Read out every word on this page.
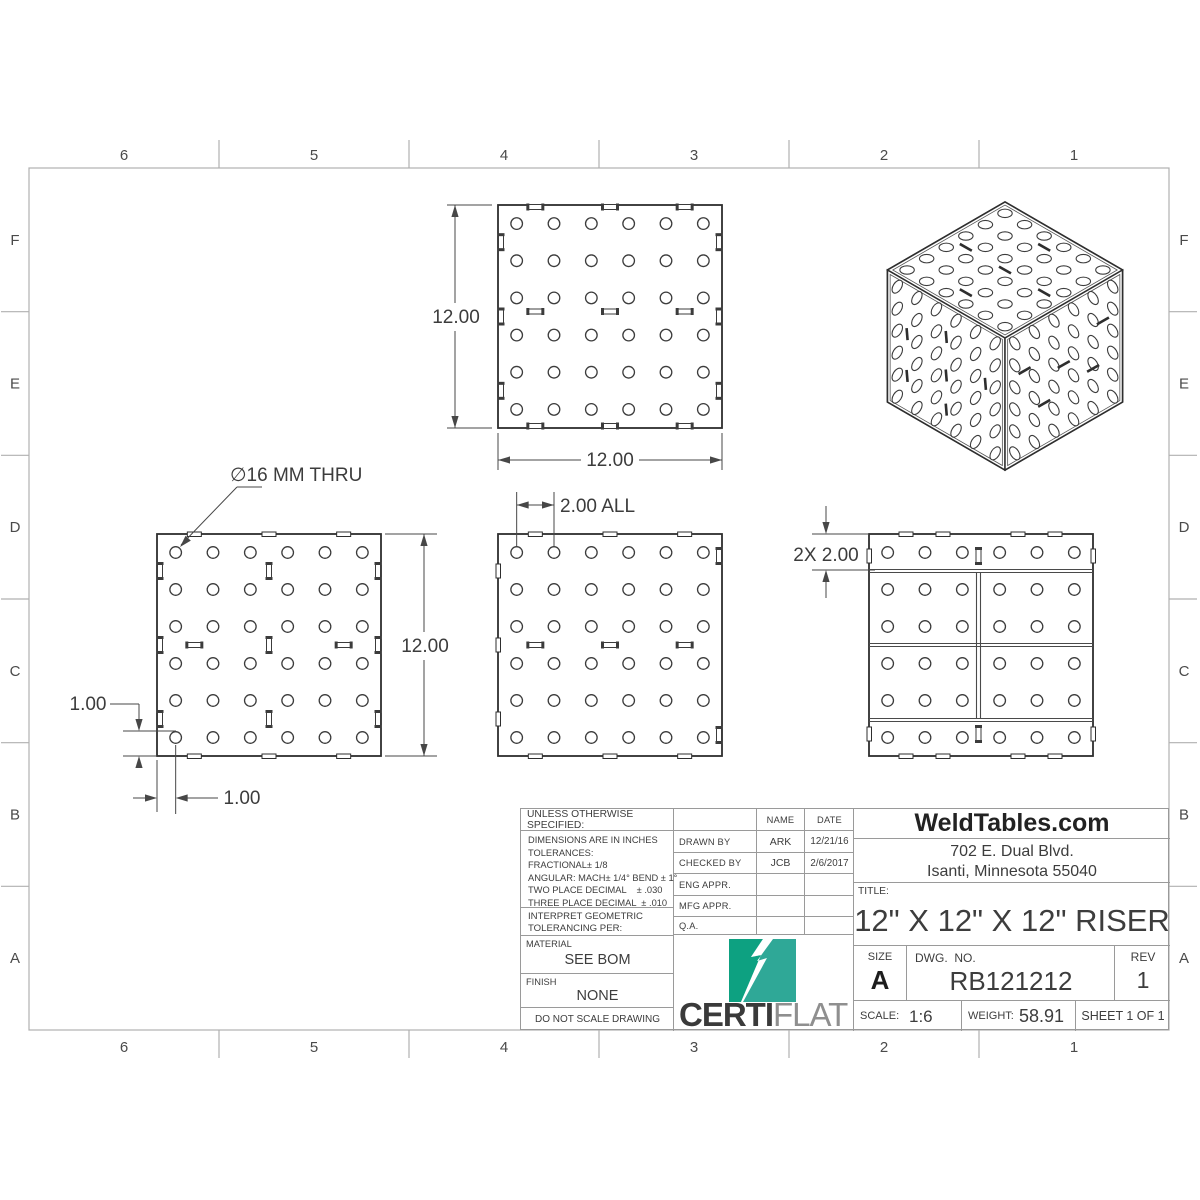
6
6
5
5
4
4
3
3
2
2
1
1
F	F
E	E
D	D
C	C
B	B
A	A
12.00
12.00
12.00
∅16 MM THRU
1.00
1.00
2.00 ALL
2X 2.00
UNLESS OTHERWISE SPECIFIED:
DIMENSIONS ARE IN INCHES
TOLERANCES:
FRACTIONAL± 1/8
ANGULAR: MACH± 1/4° BEND ± 1°
TWO PLACE DECIMAL    ± .030
THREE PLACE DECIMAL  ± .010
INTERPRET GEOMETRIC
TOLERANCING PER:
MATERIAL
SEE BOM
FINISH
NONE
DO NOT SCALE DRAWING
NAME	DATE
DRAWN BY	ARK	12/21/16
CHECKED BY	JCB	2/6/2017
ENG APPR.
MFG APPR.
Q.A.
CERTIFLAT
WeldTables.com
702 E. Dual Blvd.
Isanti, Minnesota 55040
TITLE:
12" X 12" X 12" RISER
SIZE
A
DWG.  NO.
RB121212
REV
1
SCALE: 1:6	WEIGHT: 58.91	SHEET 1 OF 1
